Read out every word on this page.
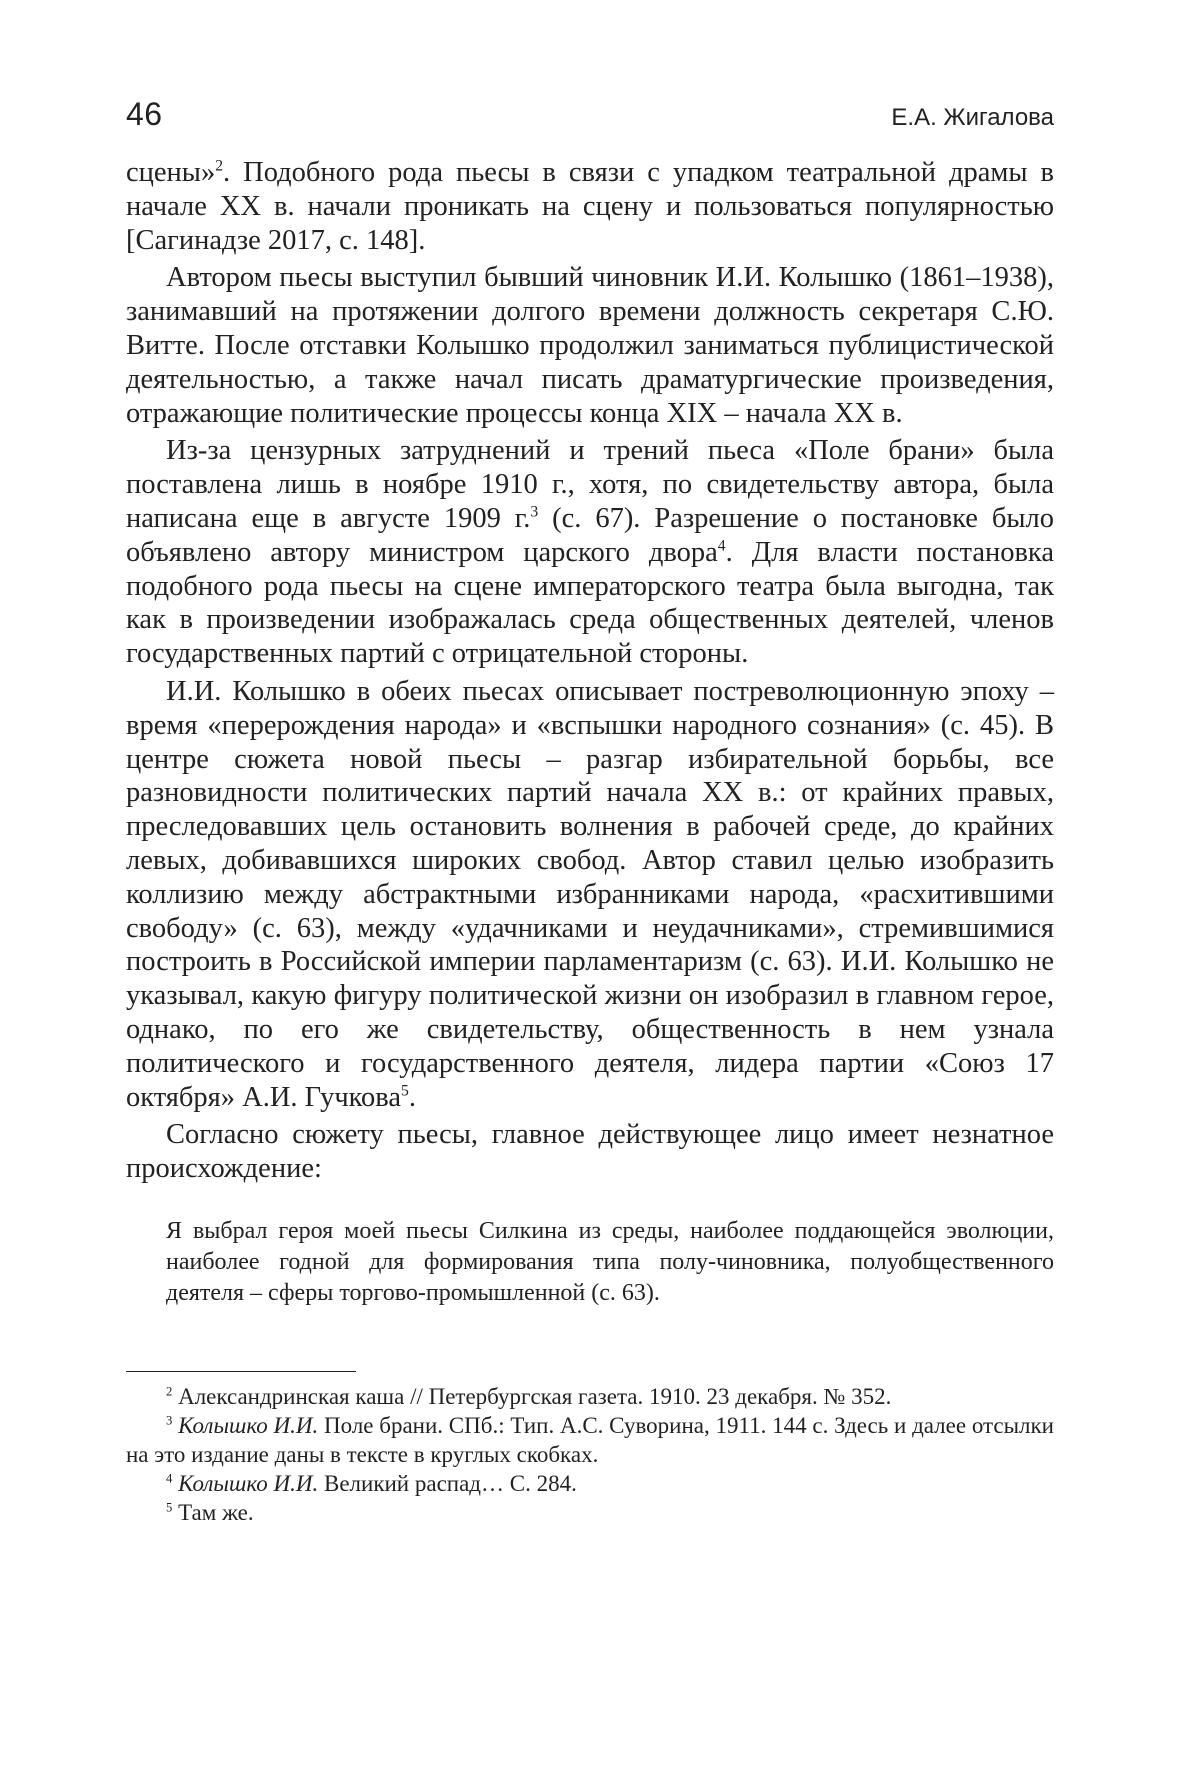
46	Е.А. Жигалова

сцены»2. Подобного рода пьесы в связи с упадком театральной драмы в начале XX в. начали проникать на сцену и пользоваться популяр­ностью [Сагинадзе 2017, с. 148].

Автором пьесы выступил бывший чиновник И.И. Колышко (1861–1938), занимавший на протяжении долгого времени должность секре­таря С.Ю. Витте. После отставки Колышко продолжил заниматься публицистической деятельностью, а также начал писать драматур­гические произведения, отражающие политические процессы конца XIX – начала XX в.

Из-за цензурных затруднений и трений пьеса «Поле брани» была поставлена лишь в ноябре 1910 г., хотя, по свидетельству ав­тора, была написана еще в августе 1909 г.3 (с. 67). Разрешение о по­становке было объявлено автору министром царского двора4. Для власти постановка подобного рода пьесы на сцене императорского театра была выгодна, так как в произведении изображалась среда общественных деятелей, членов государственных партий с отрица­тельной стороны.

И.И. Колышко в обеих пьесах описывает постреволюционную эпоху – время «перерождения народа» и «вспышки народного со­знания» (с. 45). В центре сюжета новой пьесы – разгар избирательной борьбы, все разновидности политических партий начала XX в.: от крайних правых, преследовавших цель остановить волнения в рабо­чей среде, до крайних левых, добивавшихся широких свобод. Автор ставил целью изобразить коллизию между абстрактными избран­никами народа, «расхитившими свободу» (с. 63), между «удачниками и неудачниками», стремившимися построить в Российской империи парламентаризм (с. 63). И.И. Колышко не указывал, какую фигуру политической жизни он изобразил в главном герое, однако, по его же свидетельству, общественность в нем узнала политического и го­сударственного деятеля, лидера партии «Союз 17 октября» А.И. Гуч­кова5.

Согласно сюжету пьесы, главное действующее лицо имеет незнат­ное происхождение:

Я выбрал героя моей пьесы Силкина из среды, наиболее поддающейся эволюции, наиболее годной для формирования типа полу-чиновника, полуобщественного деятеля – сферы торгово-промышленной (с. 63).

2 Александринская каша // Петербургская газета. 1910. 23 декабря. № 352.

3 Колышко И.И. Поле брани. СПб.: Тип. А.С. Суворина, 1911. 144 с. Здесь и далее отсылки на это издание даны в тексте в круглых скобках.

4 Колышко И.И. Великий распад… С. 284.

5 Там же.
